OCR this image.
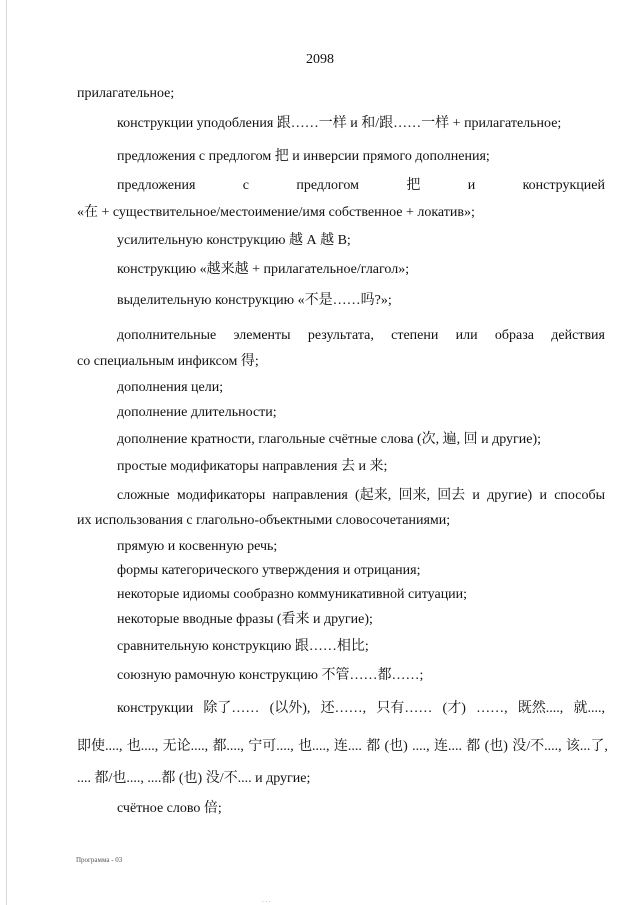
2098
прилагательное;
конструкции уподобления 跟……一样 и 和/跟……一样 + прилагательное;
предложения с предлогом 把 и инверсии прямого дополнения;
предложения	с	предлогом	把	и	конструкцией
«在 + существительное/местоимение/имя собственное + локатив»;
усилительную конструкцию 越 А 越 В;
конструкцию «越来越 + прилагательное/глагол»;
выделительную конструкцию «不是……吗?»;
дополнительные элементы результата, степени или образа действия
со специальным инфиксом 得;
дополнения цели;
дополнение длительности;
дополнение кратности, глагольные счётные слова (次, 遍, 回 и другие);
простые модификаторы направления 去 и 来;
сложные модификаторы направления (起来, 回来, 回去 и другие) и способы
их использования с глагольно-объектными словосочетаниями;
прямую и косвенную речь;
формы категорического утверждения и отрицания;
некоторые идиомы сообразно коммуникативной ситуации;
некоторые вводные фразы (看来 и другие);
сравнительную конструкцию 跟……相比;
союзную рамочную конструкцию 不管……都……;
конструкции 除了…… (以外), 还……, 只有…… (才) ……, 既然...., 就....,
即使...., 也...., 无论...., 都...., 宁可...., 也...., 连.... 都 (也) ...., 连.... 都 (也) 没/不...., 该...了,
.... 都/也...., ....都 (也) 没/不.... и другие;
счётное слово 倍;
Программа - 03
. . .
